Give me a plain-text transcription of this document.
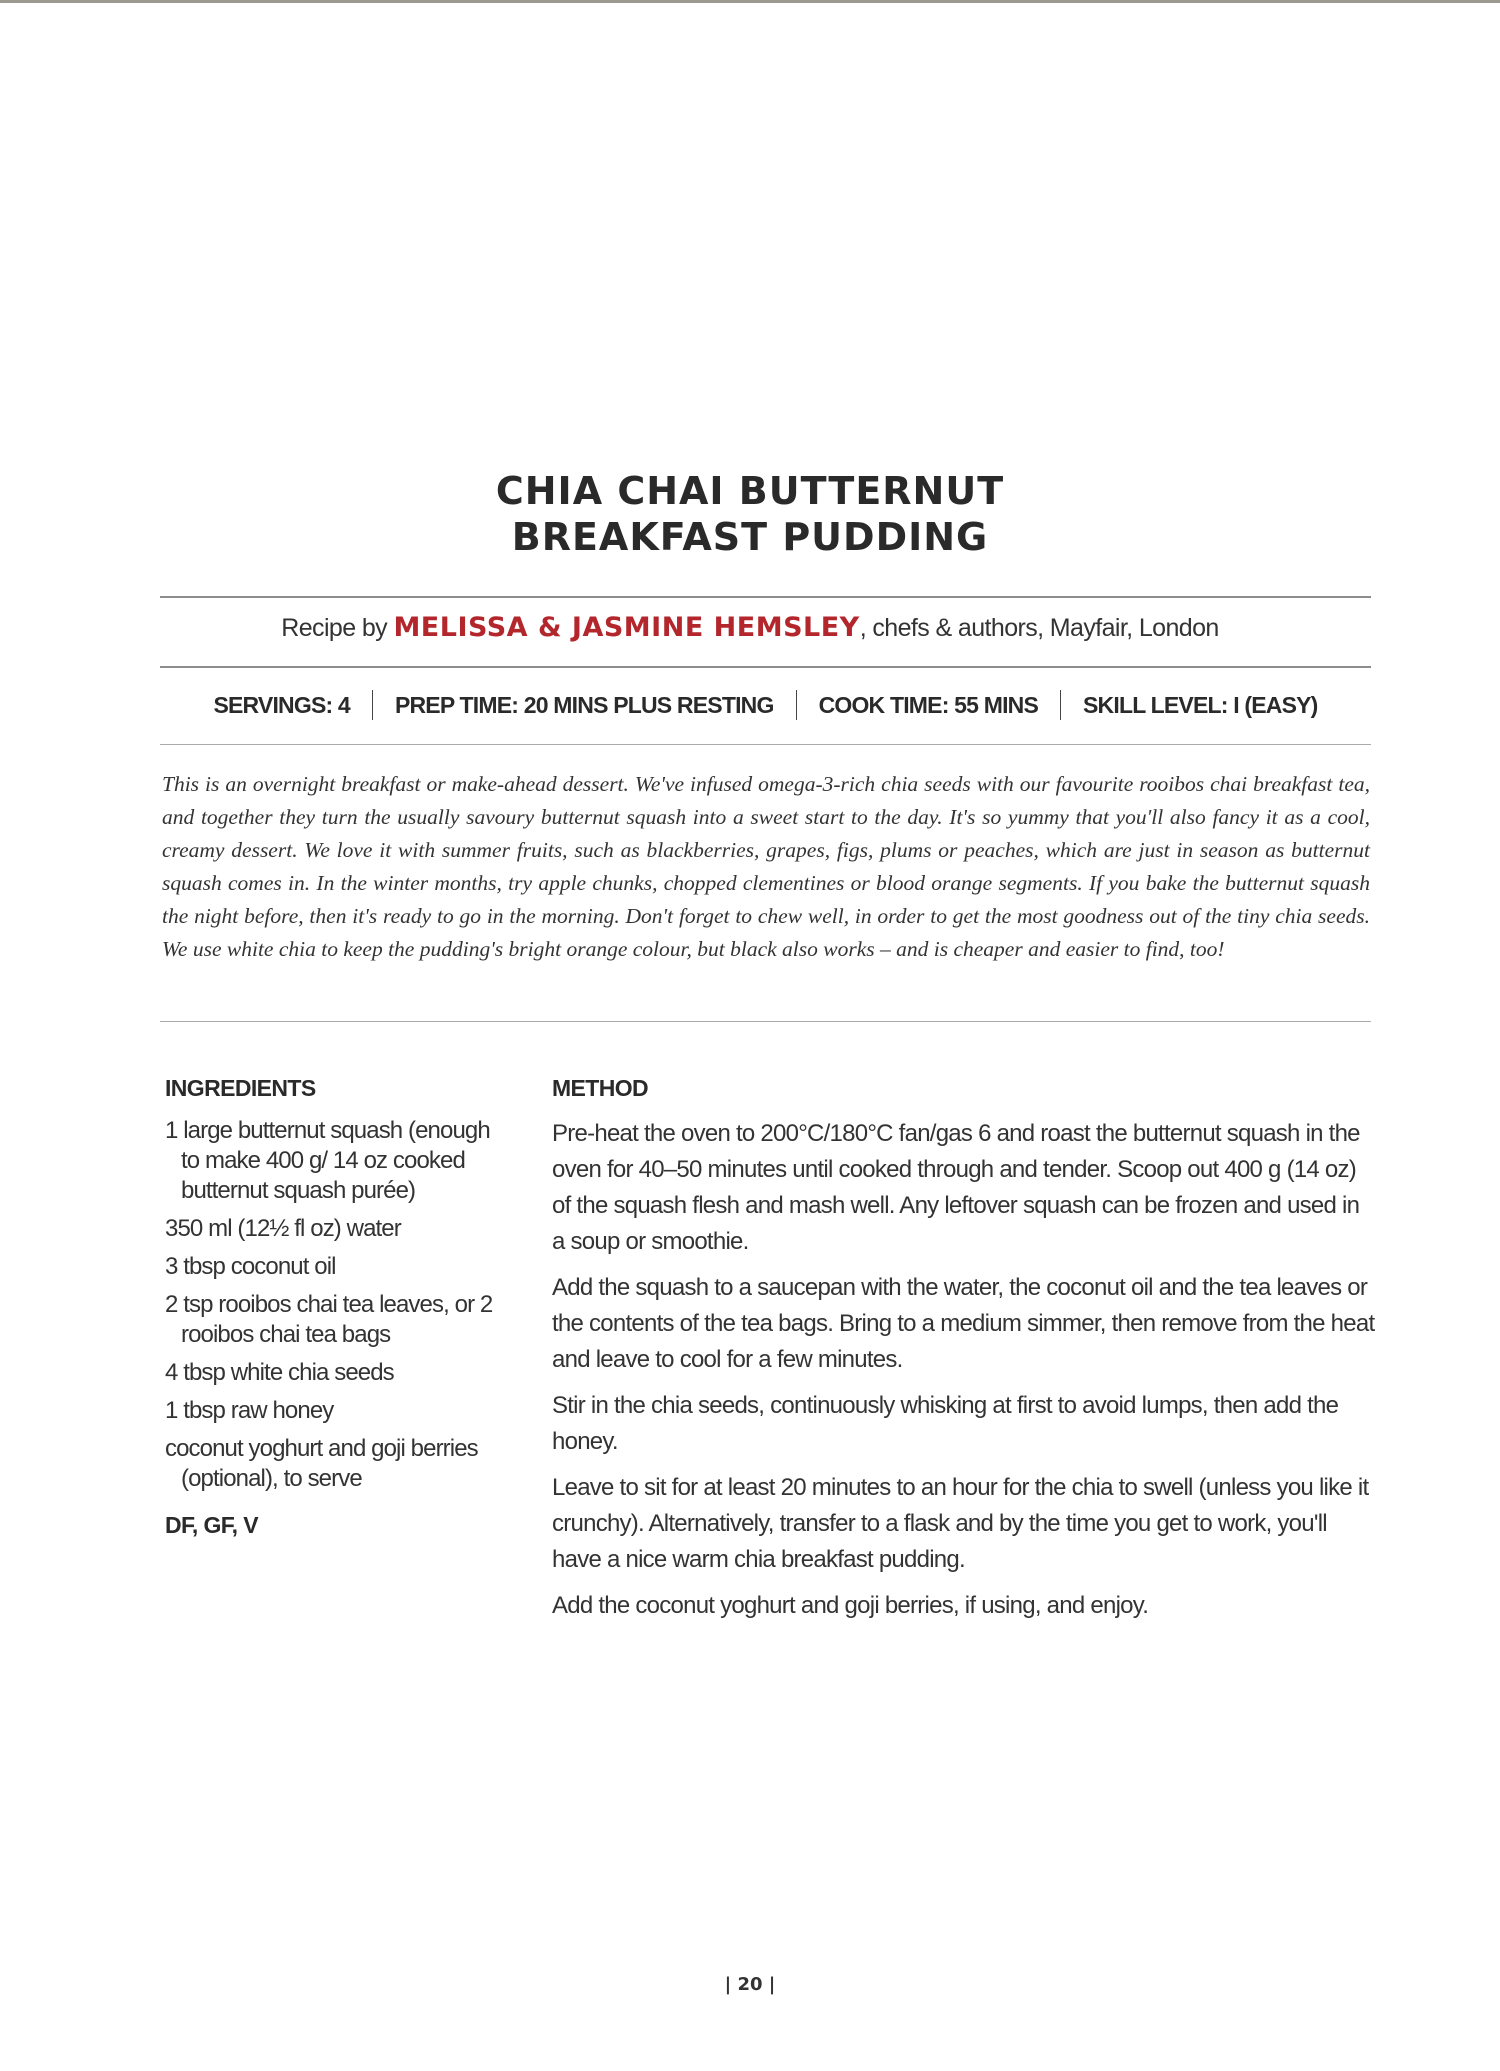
CHIA CHAI BUTTERNUT
BREAKFAST PUDDING
Recipe by MELISSA & JASMINE HEMSLEY, chefs & authors, Mayfair, London
SERVINGS: 4 PREP TIME: 20 MINS PLUS RESTING COOK TIME: 55 MINS SKILL LEVEL: I (EASY)
This is an overnight breakfast or make-ahead dessert. We've infused omega-3-rich chia seeds with our favourite rooibos chai breakfast tea, and together they turn the usually savoury butternut squash into a sweet start to the day. It's so yummy that you'll also fancy it as a cool, creamy dessert. We love it with summer fruits, such as blackberries, grapes, figs, plums or peaches, which are just in season as butternut squash comes in. In the winter months, try apple chunks, chopped clementines or blood orange segments. If you bake the butternut squash the night before, then it's ready to go in the morning. Don't forget to chew well, in order to get the most goodness out of the tiny chia seeds. We use white chia to keep the pudding's bright orange colour, but black also works – and is cheaper and easier to find, too!
INGREDIENTS
1 large butternut squash (enough to make 400 g/ 14 oz cooked butternut squash purée)
350 ml (12½ fl oz) water
3 tbsp coconut oil
2 tsp rooibos chai tea leaves, or 2 rooibos chai tea bags
4 tbsp white chia seeds
1 tbsp raw honey
coconut yoghurt and goji berries (optional), to serve
DF, GF, V
METHOD

Pre-heat the oven to 200°C/180°C fan/gas 6 and roast the butternut squash in the oven for 40–50 minutes until cooked through and tender. Scoop out 400 g (14 oz) of the squash flesh and mash well. Any leftover squash can be frozen and used in a soup or smoothie.

Add the squash to a saucepan with the water, the coconut oil and the tea leaves or the contents of the tea bags. Bring to a medium simmer, then remove from the heat and leave to cool for a few minutes.

Stir in the chia seeds, continuously whisking at first to avoid lumps, then add the honey.

Leave to sit for at least 20 minutes to an hour for the chia to swell (unless you like it crunchy). Alternatively, transfer to a flask and by the time you get to work, you'll have a nice warm chia breakfast pudding.

Add the coconut yoghurt and goji berries, if using, and enjoy.

| 20 |
